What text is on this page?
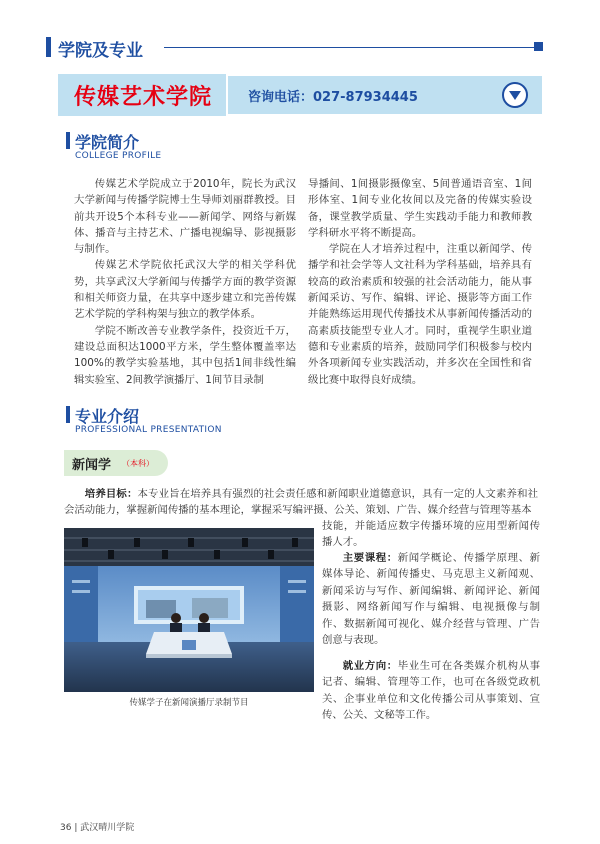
学院及专业
传媒艺术学院	咨询电话：027-87934445
学院简介
COLLEGE PROFILE

传媒艺术学院成立于2010年，院长为武汉大学新闻与传播学院博士生导师刘丽群教授。目前共开设5个本科专业——新闻学、网络与新媒体、播音与主持艺术、广播电视编导、影视摄影与制作。

传媒艺术学院依托武汉大学的相关学科优势，共享武汉大学新闻与传播学方面的教学资源和相关师资力量，在共享中逐步建立和完善传媒艺术学院的学科构架与独立的教学体系。

学院不断改善专业教学条件，投资近千万，建设总面积达1000平方米，学生整体覆盖率达100%的教学实验基地，其中包括1间非线性编辑实验室、2间教学演播厅、1间节目录制

导播间、1间摄影摄像室、5间普通语音室、1间形体室、1间专业化妆间以及完备的传媒实验设备，课堂教学质量、学生实践动手能力和教师教学科研水平将不断提高。

学院在人才培养过程中，注重以新闻学、传播学和社会学等人文社科为学科基础，培养具有较高的政治素质和较强的社会活动能力，能从事新闻采访、写作、编辑、评论、摄影等方面工作并能熟练运用现代传播技术从事新闻传播活动的高素质技能型专业人才。同时，重视学生职业道德和专业素质的培养，鼓励同学们积极参与校内外各项新闻专业实践活动，并多次在全国性和省级比赛中取得良好成绩。

专业介绍
PROFESSIONAL PRESENTATION
新闻学 （本科）
培养目标：本专业旨在培养具有强烈的社会责任感和新闻职业道德意识，具有一定的人文素养和社会活动能力，掌握新闻传播的基本理论，掌握采写编评摄、公关、策划、广告、媒介经营与管理等基本
技能，并能适应数字传播环境的应用型新闻传播人才。
主要课程：新闻学概论、传播学原理、新媒体导论、新闻传播史、马克思主义新闻观、新闻采访与写作、新闻编辑、新闻评论、新闻摄影、网络新闻写作与编辑、电视摄像与制作、数据新闻可视化、媒介经营与管理、广告创意与表现。
就业方向：毕业生可在各类媒介机构从事记者、编辑、管理等工作，也可在各级党政机关、企事业单位和文化传播公司从事策划、宣传、公关、文秘等工作。
传媒学子在新闻演播厅录制节目
36 | 武汉晴川学院
